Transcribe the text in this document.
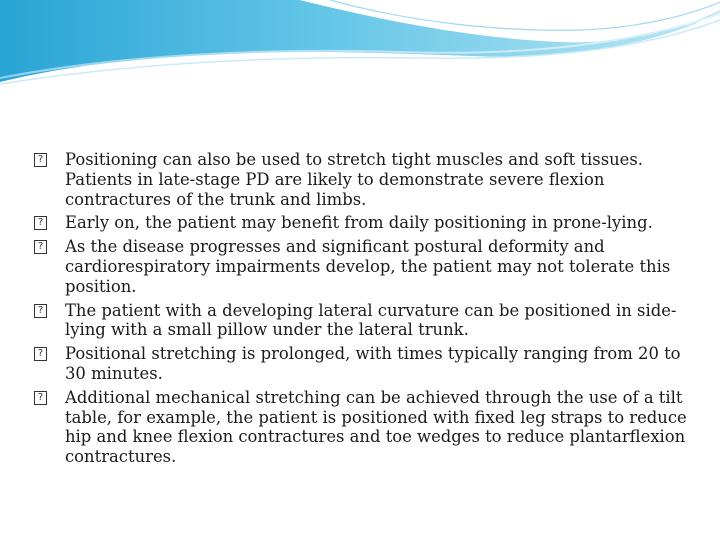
? Positioning can also be used to stretch tight muscles and soft tissues. Patients in late-stage PD are likely to demonstrate severe flexion contractures of the trunk and limbs.
? Early on, the patient may benefit from daily positioning in prone-lying.
? As the disease progresses and significant postural deformity and cardiorespiratory impairments develop, the patient may not tolerate this position.
? The patient with a developing lateral curvature can be positioned in side-lying with a small pillow under the lateral trunk.
? Positional stretching is prolonged, with times typically ranging from 20 to 30 minutes.
? Additional mechanical stretching can be achieved through the use of a tilt table, for example, the patient is positioned with fixed leg straps to reduce hip and knee flexion contractures and toe wedges to reduce plantarflexion contractures.
